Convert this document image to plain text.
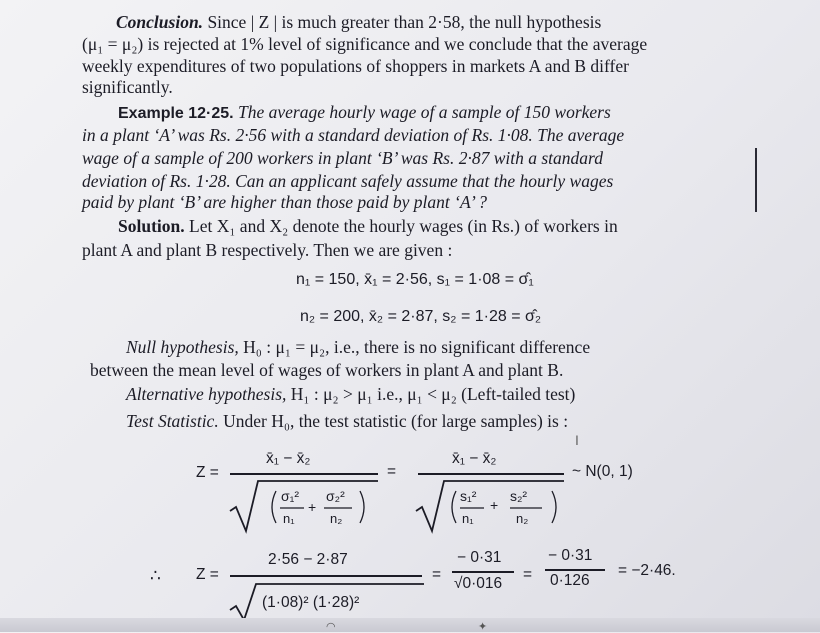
Conclusion. Since | Z | is much greater than 2·58, the null hypothesis
(μ₁ = μ₂) is rejected at 1% level of significance and we conclude that the average
weekly expenditures of two populations of shoppers in markets A and B differ
significantly.
Example 12·25. The average hourly wage of a sample of 150 workers
in a plant ‘A’ was Rs. 2·56 with a standard deviation of Rs. 1·08. The average
wage of a sample of 200 workers in plant ‘B’ was Rs. 2·87 with a standard
deviation of Rs. 1·28. Can an applicant safely assume that the hourly wages
paid by plant ‘B’ are higher than those paid by plant ‘A’ ?
Solution. Let X₁ and X₂ denote the hourly wages (in Rs.) of workers in
plant A and plant B respectively. Then we are given :
n₁ = 150, x̄₁ = 2·56, s₁ = 1·08 = σ̂₁
n₂ = 200, x̄₂ = 2·87, s₂ = 1·28 = σ̂₂
Null hypothesis, H₀ : μ₁ = μ₂, i.e., there is no significant difference
between the mean level of wages of workers in plant A and plant B.
Alternative hypothesis, H₁ : μ₂ > μ₁ i.e., μ₁ < μ₂ (Left-tailed test)
Test Statistic. Under H₀, the test statistic (for large samples) is :
I
Z =
x̄₁ − x̄₂
σ₁²
n₁
+
σ₂²
n₂
=
x̄₁ − x̄₂
s₁²
n₁
+
s₂²
n₂
~ N(0, 1)
∴ Z =
2·56 − 2·87
(1·08)² (1·28)²
=
− 0·31
√0·016
=
− 0·31
0·126
= −2·46.
◠	✦
